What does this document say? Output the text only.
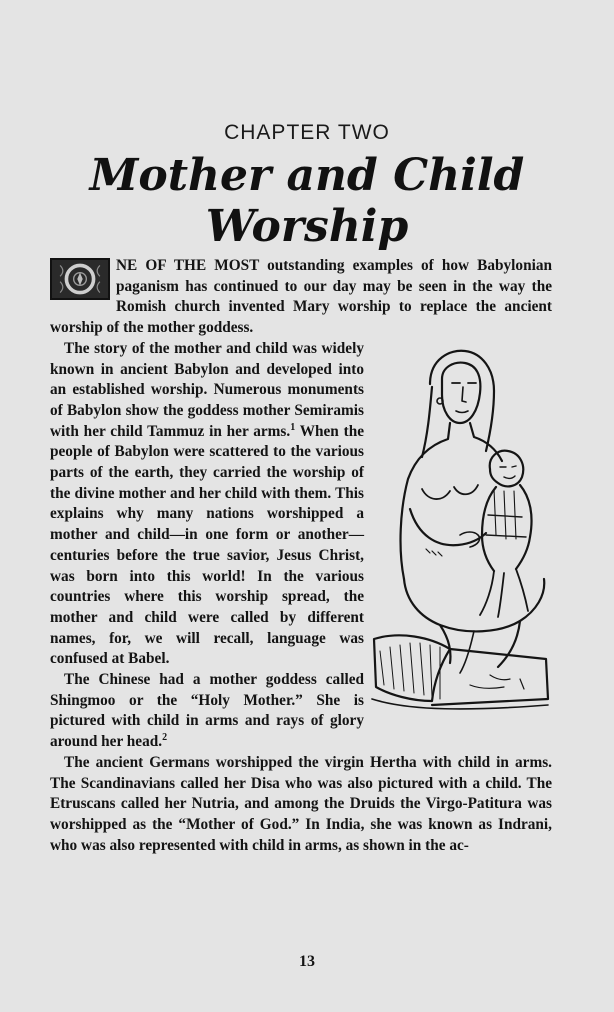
CHAPTER TWO
Mother and Child Worship

NE OF THE MOST outstanding examples of how Babylonian paganism has continued to our day may be seen in the way the Romish church invented Mary worship to replace the ancient worship of the mother goddess.

The story of the mother and child was widely known in ancient Babylon and developed into an established worship. Numerous monuments of Babylon show the goddess mother Semiramis with her child Tammuz in her arms.$^1$ When the people of Babylon were scattered to the various parts of the earth, they carried the worship of the divine mother and her child with them. This explains why many nations worshipped a mother and child—in one form or another—centuries before the true savior, Jesus Christ, was born into this world! In the various countries where this worship spread, the mother and child were called by different names, for, we will recall, language was confused at Babel.

The Chinese had a mother goddess called Shingmoo or the “Holy Mother.” She is pictured with child in arms and rays of glory around her head.$^2$

The ancient Germans worshipped the virgin Hertha with child in arms. The Scandinavians called her Disa who was also pictured with a child. The Etruscans called her Nutria, and among the Druids the Virgo-Patitura was worshipped as the “Mother of God.” In India, she was known as Indrani, who was also represented with child in arms, as shown in the ac-

13
